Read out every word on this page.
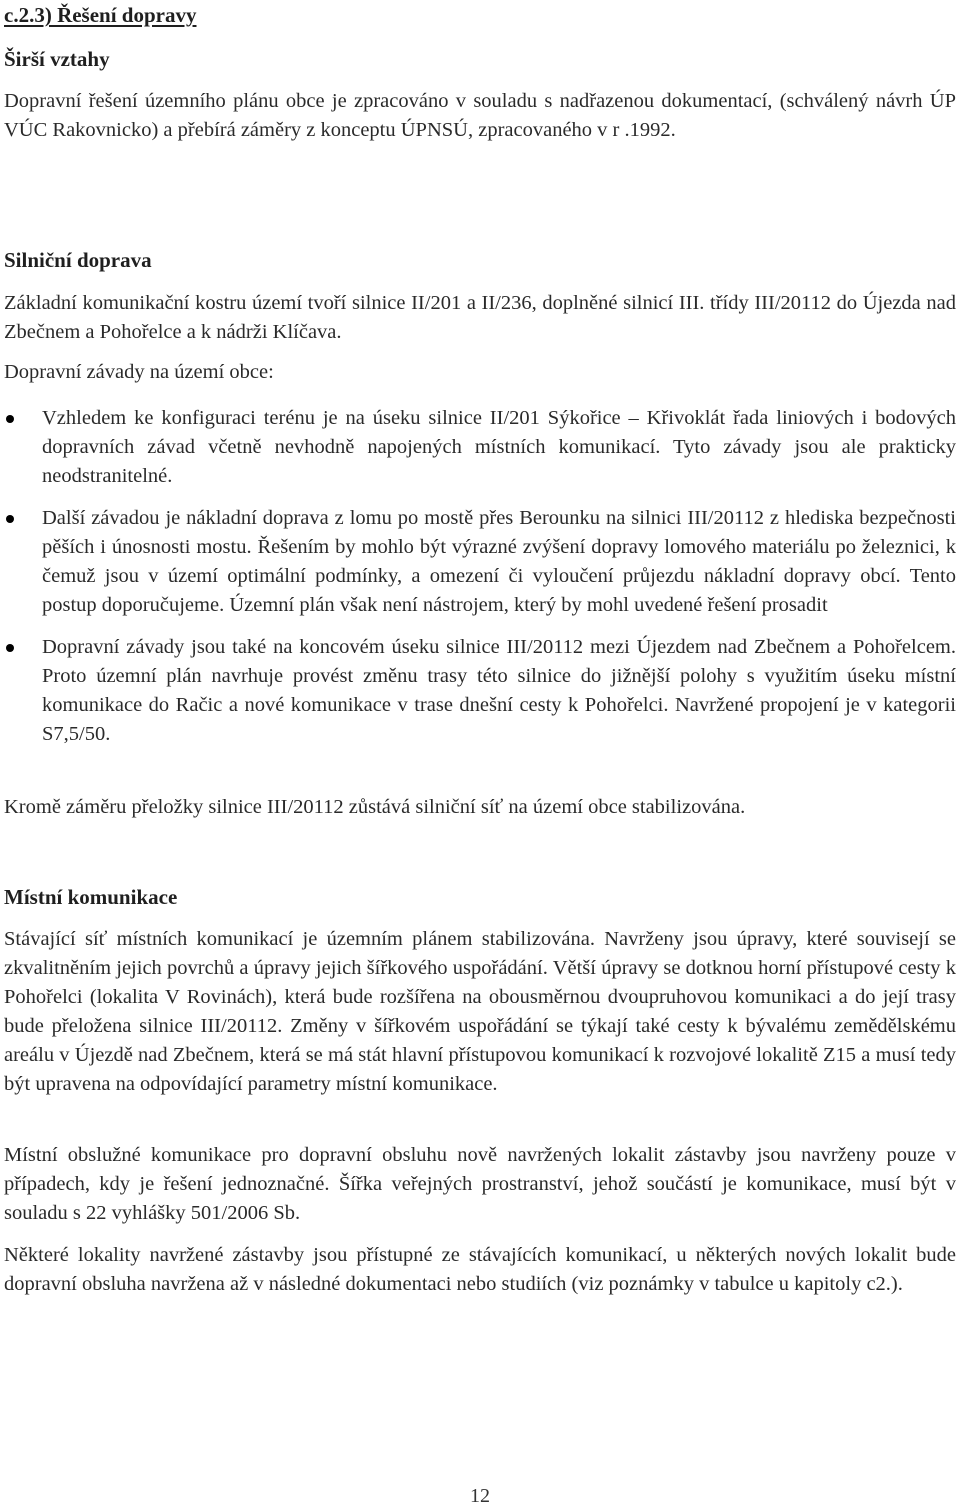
c.2.3) Řešení dopravy
Širší vztahy

Dopravní řešení územního plánu obce je zpracováno v souladu s nadřazenou dokumentací, (schválený návrh ÚP VÚC Rakovnicko) a přebírá záměry z konceptu ÚPNSÚ, zpracovaného v r .1992.

Silniční doprava

Základní komunikační kostru území tvoří silnice II/201 a II/236, doplněné silnicí III. třídy III/20112 do Újezda nad Zbečnem a Pohořelce a k nádrži Klíčava.

Dopravní závady na území obce:

Vzhledem ke konfiguraci terénu je na úseku silnice II/201 Sýkořice – Křivoklát řada liniových i bodových dopravních závad včetně nevhodně napojených místních komunikací. Tyto závady jsou ale prakticky neodstranitelné.
Další závadou je nákladní doprava z lomu po mostě přes Berounku na silnici III/20112 z hlediska bezpečnosti pěších i únosnosti mostu. Řešením by mohlo být výrazné zvýšení dopravy lomového materiálu po železnici, k čemuž jsou v území optimální podmínky, a omezení či vyloučení průjezdu nákladní dopravy obcí. Tento postup doporučujeme. Územní plán však není nástrojem, který by mohl uvedené řešení prosadit
Dopravní závady jsou také na koncovém úseku silnice III/20112 mezi Újezdem nad Zbečnem a Pohořelcem. Proto územní plán navrhuje provést změnu trasy této silnice do jižnější polohy s využitím úseku místní komunikace do Račic a nové komunikace v trase dnešní cesty k Pohořelci. Navržené propojení je v kategorii S7,5/50.

Kromě záměru přeložky silnice III/20112 zůstává silniční síť na území obce stabilizována.

Místní komunikace

Stávající síť místních komunikací je územním plánem stabilizována. Navrženy jsou úpravy, které souvisejí se zkvalitněním jejich povrchů a úpravy jejich šířkového uspořádání. Větší úpravy se dotknou horní přístupové cesty k Pohořelci (lokalita V Rovinách), která bude rozšířena na obousměrnou dvoupruhovou komunikaci a do její trasy bude přeložena silnice III/20112. Změny v šířkovém uspořádání se týkají také cesty k bývalému zemědělskému areálu v Újezdě nad Zbečnem, která se má stát hlavní přístupovou komunikací k rozvojové lokalitě Z15 a musí tedy být upravena na odpovídající parametry místní komunikace.

Místní obslužné komunikace pro dopravní obsluhu nově navržených lokalit zástavby jsou navrženy pouze v případech, kdy je řešení jednoznačné. Šířka veřejných prostranství, jehož součástí je komunikace, musí být v souladu s 22 vyhlášky 501/2006 Sb.

Některé lokality navržené zástavby jsou přístupné ze stávajících komunikací, u některých nových lokalit bude dopravní obsluha navržena až v následné dokumentaci nebo studiích (viz poznámky v tabulce u kapitoly c2.).

12
